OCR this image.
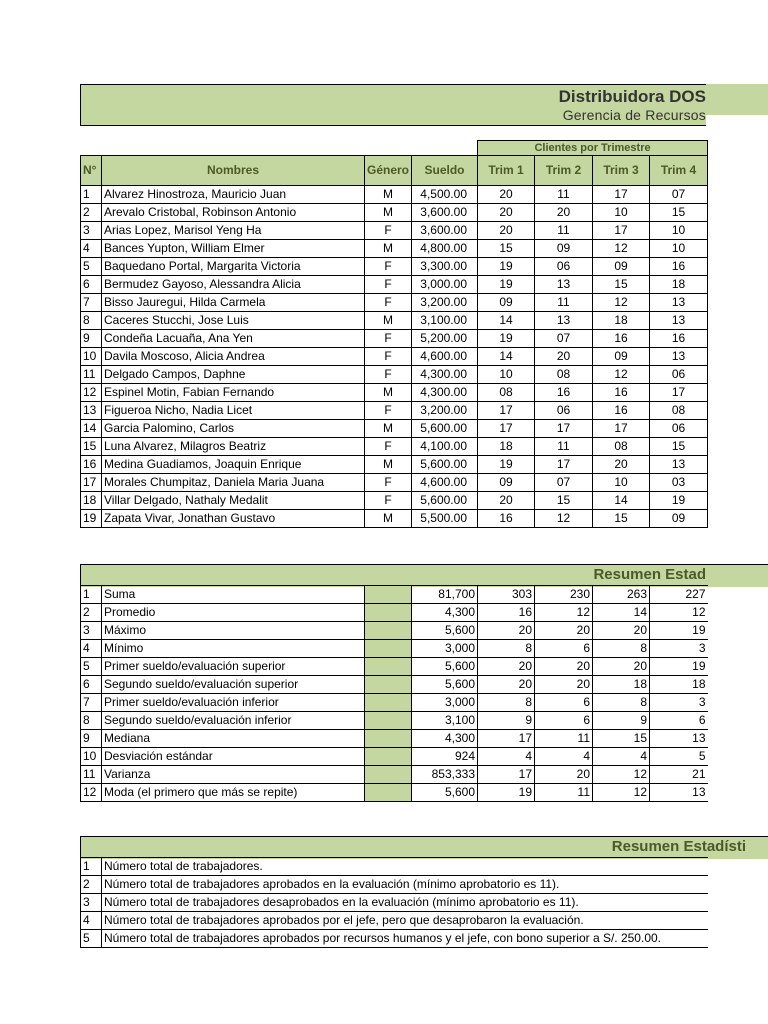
Distribuidora DOS
Gerencia de Recursos
				Clientes por Trimestre			
N°	Nombres	Género	Sueldo	Trim 1	Trim 2	Trim 3	Trim 4
1	Alvarez Hinostroza, Mauricio Juan	M	4,500.00	20	11	17	07
2	Arevalo Cristobal, Robinson Antonio	M	3,600.00	20	20	10	15
3	Arias Lopez, Marisol Yeng Ha	F	3,600.00	20	11	17	10
4	Bances Yupton, William Elmer	M	4,800.00	15	09	12	10
5	Baquedano Portal, Margarita Victoria	F	3,300.00	19	06	09	16
6	Bermudez Gayoso, Alessandra Alicia	F	3,000.00	19	13	15	18
7	Bisso Jauregui, Hilda Carmela	F	3,200.00	09	11	12	13
8	Caceres Stucchi, Jose Luis	M	3,100.00	14	13	18	13
9	Condeña Lacuaña, Ana Yen	F	5,200.00	19	07	16	16
10	Davila Moscoso, Alicia Andrea	F	4,600.00	14	20	09	13
11	Delgado Campos, Daphne	F	4,300.00	10	08	12	06
12	Espinel Motin, Fabian Fernando	M	4,300.00	08	16	16	17
13	Figueroa Nicho, Nadia Licet	F	3,200.00	17	06	16	08
14	Garcia Palomino, Carlos	M	5,600.00	17	17	17	06
15	Luna Alvarez, Milagros Beatriz	F	4,100.00	18	11	08	15
16	Medina Guadiamos, Joaquin Enrique	M	5,600.00	19	17	20	13
17	Morales Chumpitaz, Daniela Maria Juana	F	4,600.00	09	07	10	03
18	Villar Delgado, Nathaly Medalit	F	5,600.00	20	15	14	19
19	Zapata Vivar, Jonathan Gustavo	M	5,500.00	16	12	15	09
Resumen Estad
1	Suma		81,700	303	230	263	227
2	Promedio		4,300	16	12	14	12
3	Máximo		5,600	20	20	20	19
4	Mínimo		3,000	8	6	8	3
5	Primer sueldo/evaluación superior		5,600	20	20	20	19
6	Segundo sueldo/evaluación superior		5,600	20	20	18	18
7	Primer sueldo/evaluación inferior		3,000	8	6	8	3
8	Segundo sueldo/evaluación inferior		3,100	9	6	9	6
9	Mediana		4,300	17	11	15	13
10	Desviación estándar		924	4	4	4	5
11	Varianza		853,333	17	20	12	21
12	Moda (el primero que más se repite)		5,600	19	11	12	13
Resumen Estadísti
1	Número total de trabajadores.
2	Número total de trabajadores aprobados en la evaluación (mínimo aprobatorio es 11).
3	Número total de trabajadores desaprobados en la evaluación (mínimo aprobatorio es 11).
4	Número total de trabajadores aprobados por el jefe, pero que desaprobaron la evaluación.
5	Número total de trabajadores aprobados por recursos humanos y el jefe, con bono superior a S/. 250.00.
